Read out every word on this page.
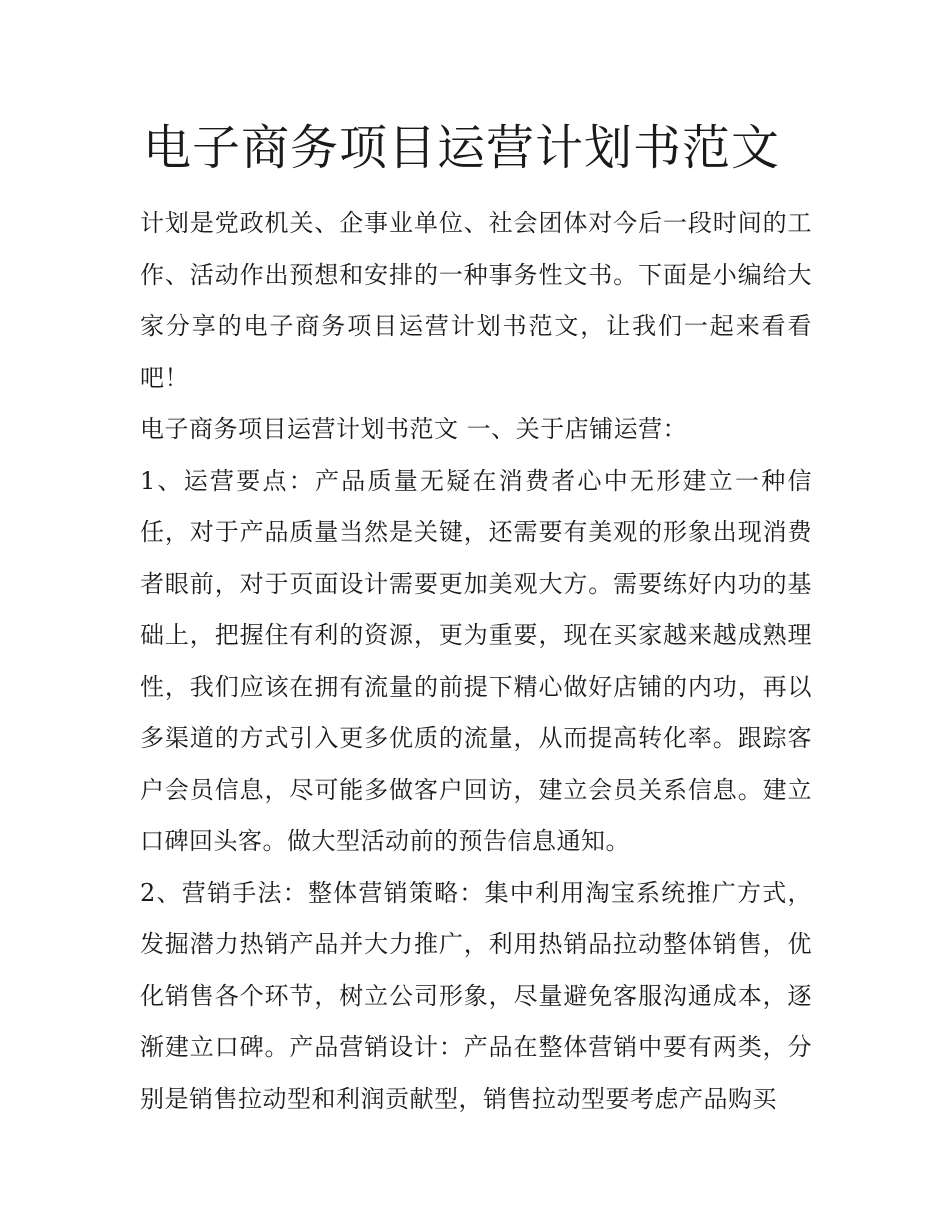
电子商务项目运营计划书范文

计划是党政机关、企事业单位、社会团体对今后一段时间的工作、活动作出预想和安排的一种事务性文书。下面是小编给大家分享的电子商务项目运营计划书范文，让我们一起来看看吧！

电子商务项目运营计划书范文 一、关于店铺运营：

1、运营要点：产品质量无疑在消费者心中无形建立一种信任，对于产品质量当然是关键，还需要有美观的形象出现消费者眼前，对于页面设计需要更加美观大方。需要练好内功的基础上，把握住有利的资源，更为重要，现在买家越来越成熟理性，我们应该在拥有流量的前提下精心做好店铺的内功，再以多渠道的方式引入更多优质的流量，从而提高转化率。跟踪客户会员信息，尽可能多做客户回访，建立会员关系信息。建立口碑回头客。做大型活动前的预告信息通知。

2、营销手法：整体营销策略：集中利用淘宝系统推广方式，发掘潜力热销产品并大力推广，利用热销品拉动整体销售，优化销售各个环节，树立公司形象，尽量避免客服沟通成本，逐渐建立口碑。产品营销设计：产品在整体营销中要有两类，分别是销售拉动型和利润贡献型，销售拉动型要考虑产品购买
